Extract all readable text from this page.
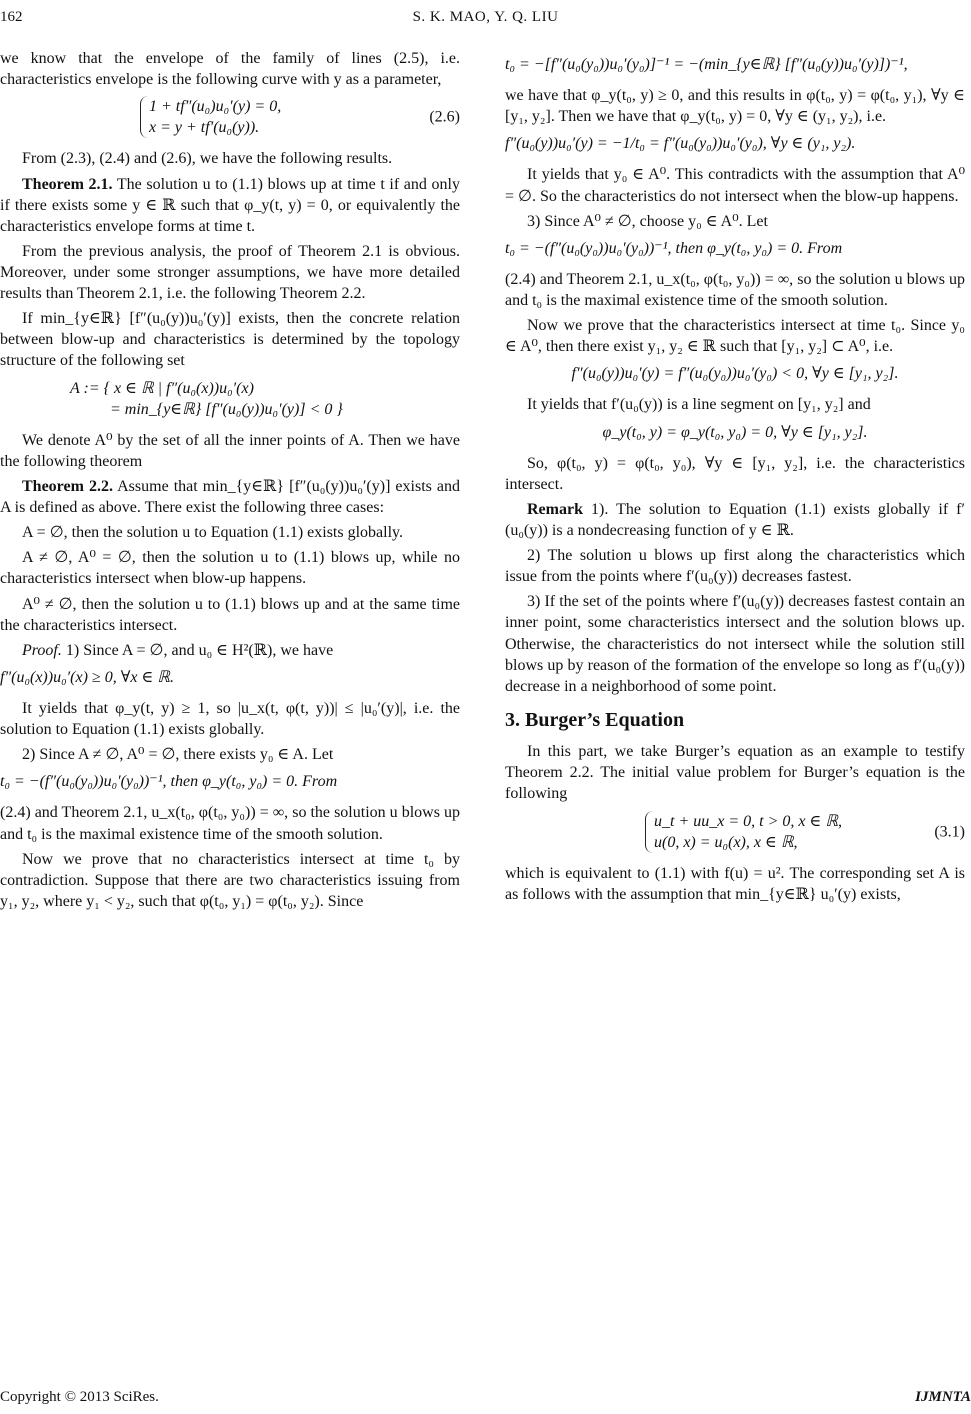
162	S. K. MAO, Y. Q. LIU

we know that the envelope of the family of lines (2.5), i.e. characteristics envelope is the following curve with y as a parameter,

1 + tf″(u₀)u₀′(y) = 0,
x = y + tf′(u₀(y)).
(2.6)

From (2.3), (2.4) and (2.6), we have the following results.

Theorem 2.1. The solution u to (1.1) blows up at time t if and only if there exists some y ∈ ℝ such that φ_y(t, y) = 0, or equivalently the characteristics envelope forms at time t.

From the previous analysis, the proof of Theorem 2.1 is obvious. Moreover, under some stronger assumptions, we have more detailed results than Theorem 2.1, i.e. the following Theorem 2.2.

If min_{y∈ℝ} [f″(u₀(y))u₀′(y)] exists, then the concrete relation between blow-up and characteristics is determined by the topology structure of the following set

A := { x ∈ ℝ | f″(u₀(x))u₀′(x)
= min_{y∈ℝ} [f″(u₀(y))u₀′(y)] < 0 }

We denote A⁰ by the set of all the inner points of A. Then we have the following theorem

Theorem 2.2. Assume that min_{y∈ℝ} [f″(u₀(y))u₀′(y)] exists and A is defined as above. There exist the following three cases:

A = ∅, then the solution u to Equation (1.1) exists globally.

A ≠ ∅, A⁰ = ∅, then the solution u to (1.1) blows up, while no characteristics intersect when blow-up happens.

A⁰ ≠ ∅, then the solution u to (1.1) blows up and at the same time the characteristics intersect.

Proof. 1) Since A = ∅, and u₀ ∈ H²(ℝ), we have

f″(u₀(x))u₀′(x) ≥ 0, ∀x ∈ ℝ.

It yields that φ_y(t, y) ≥ 1, so |u_x(t, φ(t, y))| ≤ |u₀′(y)|, i.e. the solution to Equation (1.1) exists globally.

2) Since A ≠ ∅, A⁰ = ∅, there exists y₀ ∈ A. Let

t₀ = −(f″(u₀(y₀))u₀′(y₀))⁻¹, then φ_y(t₀, y₀) = 0. From

(2.4) and Theorem 2.1, u_x(t₀, φ(t₀, y₀)) = ∞, so the solution u blows up and t₀ is the maximal existence time of the smooth solution.

Now we prove that no characteristics intersect at time t₀ by contradiction. Suppose that there are two characteristics issuing from y₁, y₂, where y₁ < y₂, such that φ(t₀, y₁) = φ(t₀, y₂). Since

t₀ = −[f″(u₀(y₀))u₀′(y₀)]⁻¹ = −(min_{y∈ℝ} [f″(u₀(y))u₀′(y)])⁻¹,

we have that φ_y(t₀, y) ≥ 0, and this results in φ(t₀, y) = φ(t₀, y₁), ∀y ∈ [y₁, y₂]. Then we have that φ_y(t₀, y) = 0, ∀y ∈ (y₁, y₂), i.e.

f″(u₀(y))u₀′(y) = −1/t₀ = f″(u₀(y₀))u₀′(y₀), ∀y ∈ (y₁, y₂).

It yields that y₀ ∈ A⁰. This contradicts with the assumption that A⁰ = ∅. So the characteristics do not intersect when the blow-up happens.

3) Since A⁰ ≠ ∅, choose y₀ ∈ A⁰. Let

t₀ = −(f″(u₀(y₀))u₀′(y₀))⁻¹, then φ_y(t₀, y₀) = 0. From

(2.4) and Theorem 2.1, u_x(t₀, φ(t₀, y₀)) = ∞, so the solution u blows up and t₀ is the maximal existence time of the smooth solution.

Now we prove that the characteristics intersect at time t₀. Since y₀ ∈ A⁰, then there exist y₁, y₂ ∈ ℝ such that [y₁, y₂] ⊂ A⁰, i.e.

f″(u₀(y))u₀′(y) = f″(u₀(y₀))u₀′(y₀) < 0, ∀y ∈ [y₁, y₂].

It yields that f′(u₀(y)) is a line segment on [y₁, y₂] and

φ_y(t₀, y) = φ_y(t₀, y₀) = 0, ∀y ∈ [y₁, y₂].

So, φ(t₀, y) = φ(t₀, y₀), ∀y ∈ [y₁, y₂], i.e. the characteristics intersect.

Remark 1). The solution to Equation (1.1) exists globally if f′(u₀(y)) is a nondecreasing function of y ∈ ℝ.

2) The solution u blows up first along the characteristics which issue from the points where f′(u₀(y)) decreases fastest.

3) If the set of the points where f′(u₀(y)) decreases fastest contain an inner point, some characteristics intersect and the solution blows up. Otherwise, the characteristics do not intersect while the solution still blows up by reason of the formation of the envelope so long as f′(u₀(y)) decrease in a neighborhood of some point.

3. Burger’s Equation

In this part, we take Burger’s equation as an example to testify Theorem 2.2. The initial value problem for Burger’s equation is the following

u_t + uu_x = 0, t > 0, x ∈ ℝ,
u(0, x) = u₀(x), x ∈ ℝ,
(3.1)

which is equivalent to (1.1) with f(u) = u². The corresponding set A is as follows with the assumption that min_{y∈ℝ} u₀′(y) exists,

Copyright © 2013 SciRes.	IJMNTA
